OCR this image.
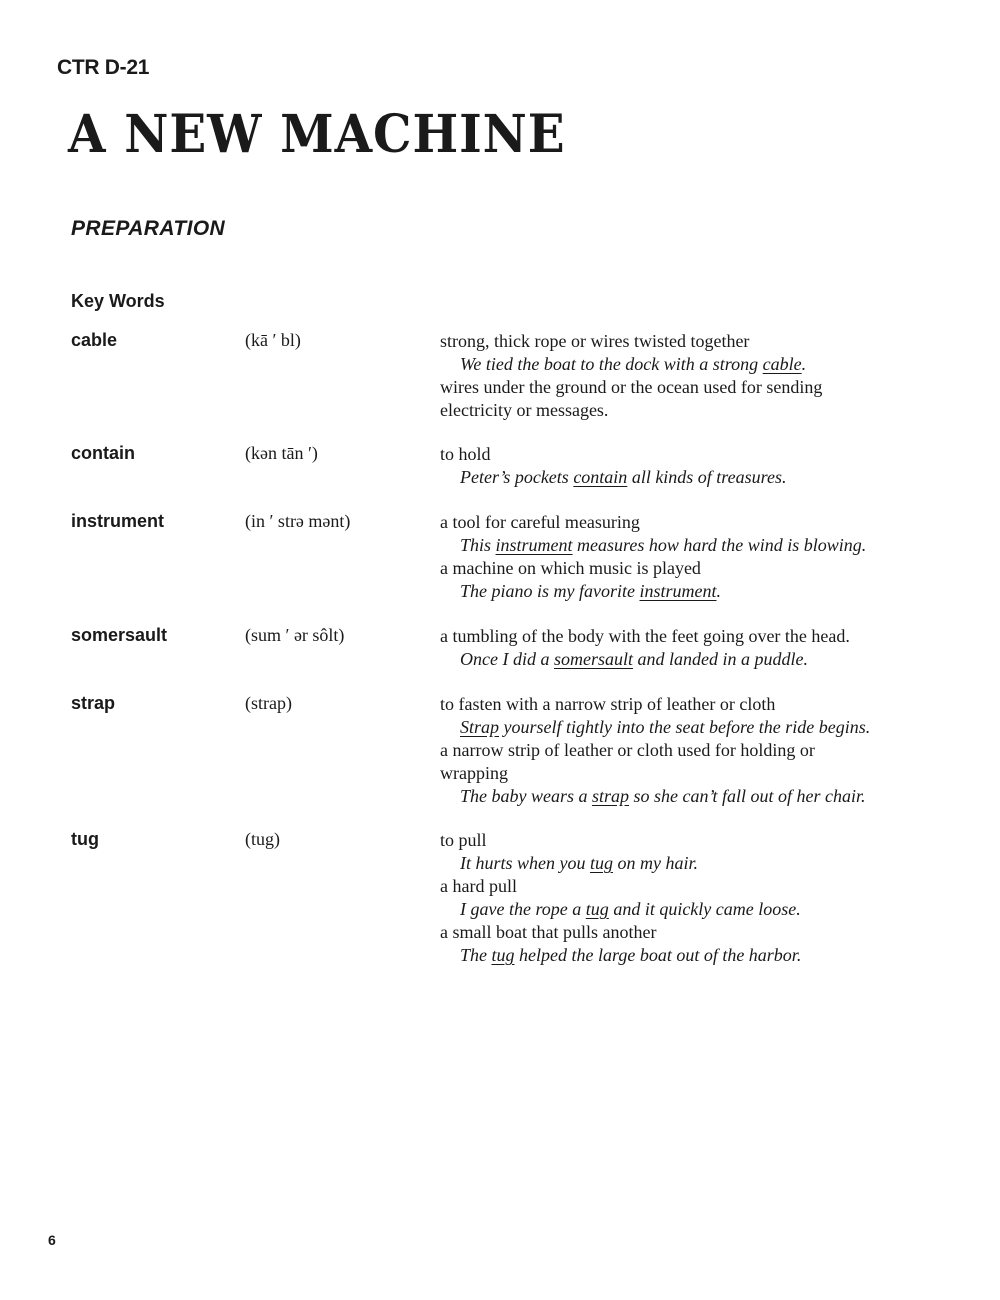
CTR D-21
A NEW MACHINE
PREPARATION
Key Words
cable	(kā ′ bl)	strong, thick rope or wires twisted together
We tied the boat to the dock with a strong cable.
wires under the ground or the ocean used for sending
electricity or messages.
contain	(kən tān ′)	to hold
Peter’s pockets contain all kinds of treasures.
instrument	(in ′ strə mənt)	a tool for careful measuring
This instrument measures how hard the wind is blowing.
a machine on which music is played
The piano is my favorite instrument.
somersault	(sum ′ ər sôlt)	a tumbling of the body with the feet going over the head.
Once I did a somersault and landed in a puddle.
strap	(strap)	to fasten with a narrow strip of leather or cloth
Strap yourself tightly into the seat before the ride begins.
a narrow strip of leather or cloth used for holding or
wrapping
The baby wears a strap so she can’t fall out of her chair.
tug	(tug)	to pull
It hurts when you tug on my hair.
a hard pull
I gave the rope a tug and it quickly came loose.
a small boat that pulls another
The tug helped the large boat out of the harbor.
6
